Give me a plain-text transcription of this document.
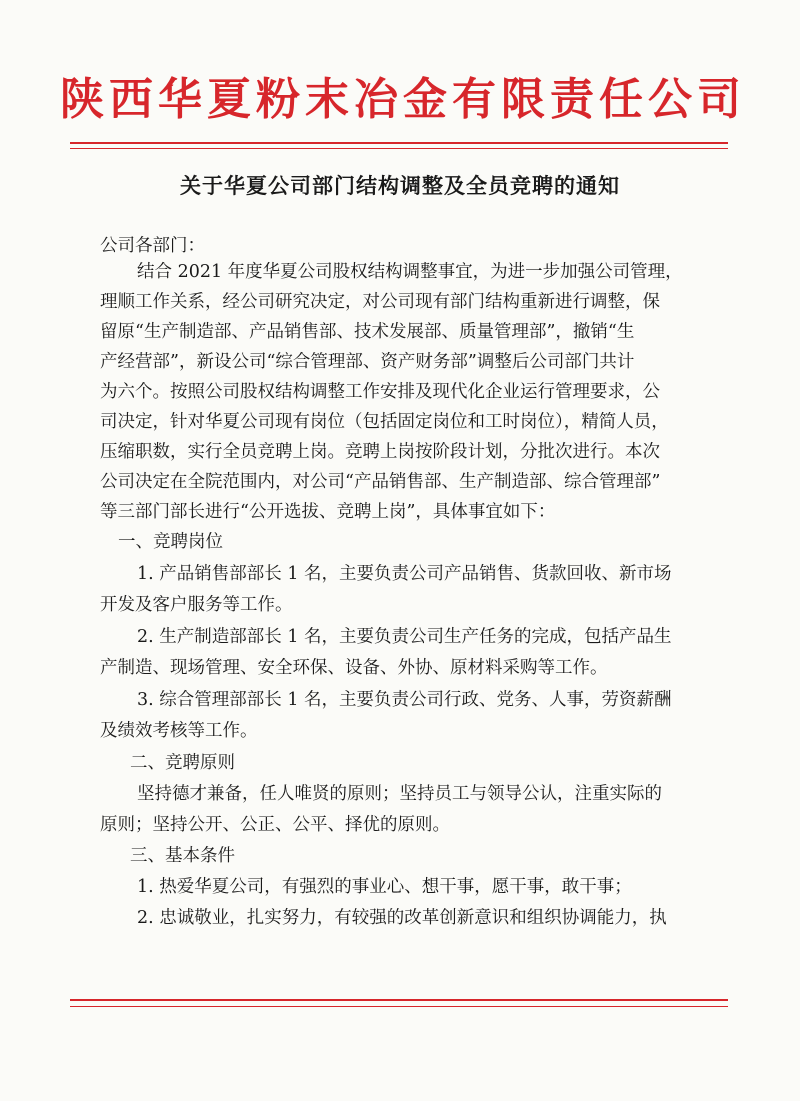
陕西华夏粉末冶金有限责任公司
关于华夏公司部门结构调整及全员竞聘的通知
公司各部门：
结合 2021 年度华夏公司股权结构调整事宜，为进一步加强公司管理，
理顺工作关系，经公司研究决定，对公司现有部门结构重新进行调整，保
留原“生产制造部、产品销售部、技术发展部、质量管理部”，撤销“生
产经营部”，新设公司“综合管理部、资产财务部”调整后公司部门共计
为六个。按照公司股权结构调整工作安排及现代化企业运行管理要求，公
司决定，针对华夏公司现有岗位（包括固定岗位和工时岗位），精简人员，
压缩职数，实行全员竞聘上岗。竞聘上岗按阶段计划，分批次进行。本次
公司决定在全院范围内，对公司“产品销售部、生产制造部、综合管理部”
等三部门部长进行“公开选拔、竞聘上岗”，具体事宜如下：
一、竞聘岗位
1. 产品销售部部长 1 名，主要负责公司产品销售、货款回收、新市场
开发及客户服务等工作。
2. 生产制造部部长 1 名，主要负责公司生产任务的完成，包括产品生
产制造、现场管理、安全环保、设备、外协、原材料采购等工作。
3. 综合管理部部长 1 名，主要负责公司行政、党务、人事，劳资薪酬
及绩效考核等工作。
二、竞聘原则
坚持德才兼备，任人唯贤的原则；坚持员工与领导公认，注重实际的
原则；坚持公开、公正、公平、择优的原则。
三、基本条件
1. 热爱华夏公司，有强烈的事业心、想干事，愿干事，敢干事；
2. 忠诚敬业，扎实努力，有较强的改革创新意识和组织协调能力，执
